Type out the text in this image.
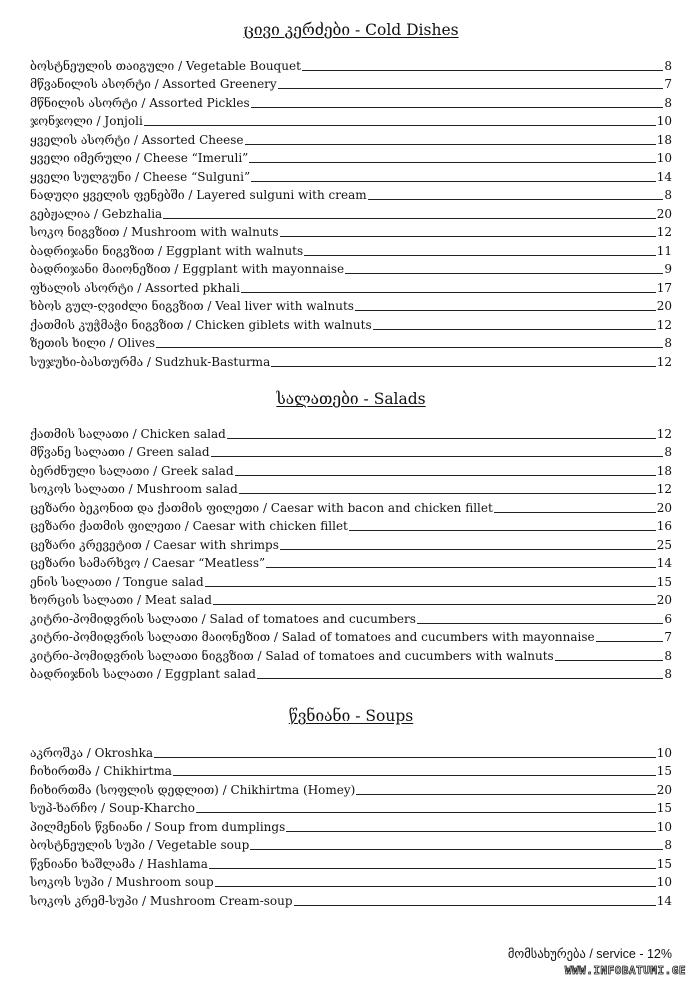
ცივი კერძები - Cold Dishes
ბოსტნეულის თაიგული / Vegetable Bouquet	8
მწვანილის ასორტი / Assorted Greenery	7
მწნილის ასორტი / Assorted Pickles	8
ჯონჯოლი / Jonjoli	10
ყველის ასორტი / Assorted Cheese	18
ყველი იმერული / Cheese “Imeruli”	10
ყველი სულგუნი / Cheese “Sulguni”	14
ნადუღი ყველის ფენებში / Layered sulguni with cream	8
გებჟალია / Gebzhalia	20
სოკო ნიგვზით / Mushroom with walnuts	12
ბადრიჯანი ნიგვზით / Eggplant with walnuts	11
ბადრიჯანი მაიონეზით / Eggplant with mayonnaise	9
ფხალის ასორტი / Assorted pkhali	17
ხბოს გულ-ღვიძლი ნიგვზით / Veal liver with walnuts	20
ქათმის კუჭმაჭი ნიგვზით / Chicken giblets with walnuts	12
ზეთის ხილი / Olives	8
სუჯუხი-ბასთურმა / Sudzhuk-Basturma	12
სალათები - Salads
ქათმის სალათი / Chicken salad	12
მწვანე სალათი / Green salad	8
ბერძნული სალათი / Greek salad	18
სოკოს სალათი / Mushroom salad	12
ცეზარი ბეკონით და ქათმის ფილეთი / Caesar with bacon and chicken fillet	20
ცეზარი ქათმის ფილეთი / Caesar with chicken fillet	16
ცეზარი კრევეტით / Caesar with shrimps	25
ცეზარი სამარხვო / Caesar “Meatless”	14
ენის სალათი / Tongue salad	15
ხორცის სალათი / Meat salad	20
კიტრი-პომიდვრის სალათი / Salad of tomatoes and cucumbers	6
კიტრი-პომიდვრის სალათი მაიონეზით / Salad of tomatoes and cucumbers with mayonnaise	7
კიტრი-პომიდვრის სალათი ნიგვზით / Salad of tomatoes and cucumbers with walnuts	8
ბადრიჯნის სალათი / Eggplant salad	8
წვნიანი - Soups
აკროშკა / Okroshka	10
ჩიხირთმა / Chikhirtma	15
ჩიხირთმა (სოფლის დედლით) / Chikhirtma (Homey)	20
სუპ-ხარჩო / Soup-Kharcho	15
პილმენის წვნიანი / Soup from dumplings	10
ბოსტნეულის სუპი / Vegetable soup	8
წვნიანი ხაშლამა / Hashlama	15
სოკოს სუპი / Mushroom soup	10
სოკოს კრემ-სუპი / Mushroom Cream-soup	14
მომსახურება / service - 12%
WWW.INFOBATUMI.GE
